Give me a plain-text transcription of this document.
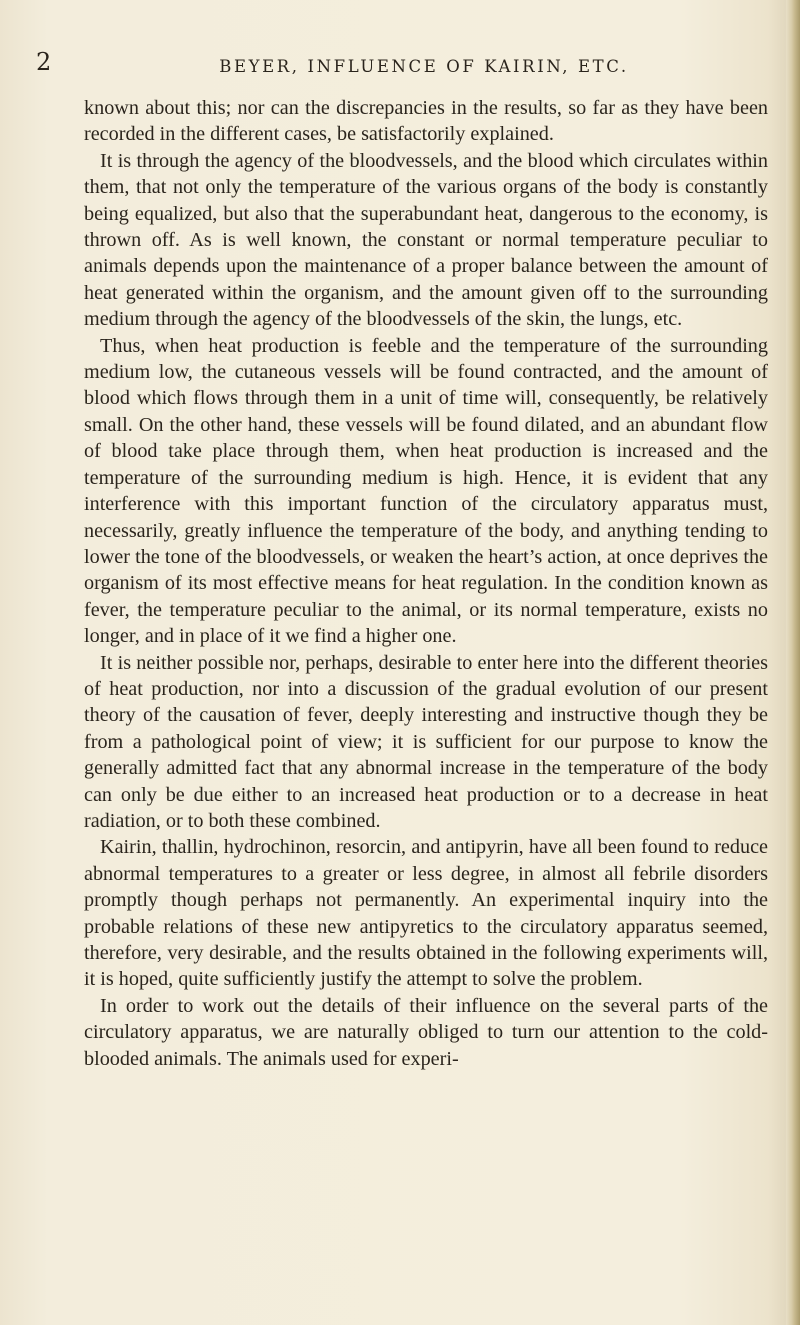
2	BEYER, INFLUENCE OF KAIRIN, ETC.

known about this; nor can the discrepancies in the results, so far as they have been recorded in the different cases, be satisfactorily explained.

It is through the agency of the bloodvessels, and the blood which circulates within them, that not only the temperature of the various organs of the body is constantly being equalized, but also that the superabundant heat, dangerous to the economy, is thrown off. As is well known, the constant or normal temperature peculiar to animals depends upon the maintenance of a proper balance between the amount of heat generated within the organism, and the amount given off to the surrounding medium through the agency of the bloodvessels of the skin, the lungs, etc.

Thus, when heat production is feeble and the temperature of the surrounding medium low, the cutaneous vessels will be found contracted, and the amount of blood which flows through them in a unit of time will, consequently, be relatively small. On the other hand, these vessels will be found dilated, and an abundant flow of blood take place through them, when heat production is increased and the temperature of the surrounding medium is high. Hence, it is evident that any interference with this important function of the circulatory apparatus must, necessarily, greatly influence the temperature of the body, and anything tending to lower the tone of the bloodvessels, or weaken the heart’s action, at once deprives the organism of its most effective means for heat regulation. In the condition known as fever, the temperature peculiar to the animal, or its normal temperature, exists no longer, and in place of it we find a higher one.

It is neither possible nor, perhaps, desirable to enter here into the different theories of heat production, nor into a discussion of the gradual evolution of our present theory of the causation of fever, deeply interesting and instructive though they be from a pathological point of view; it is sufficient for our purpose to know the generally admitted fact that any abnormal increase in the temperature of the body can only be due either to an increased heat production or to a decrease in heat radiation, or to both these combined.

Kairin, thallin, hydrochinon, resorcin, and antipyrin, have all been found to reduce abnormal temperatures to a greater or less degree, in almost all febrile disorders promptly though perhaps not permanently. An experimental inquiry into the probable relations of these new antipyretics to the circulatory apparatus seemed, therefore, very desirable, and the results obtained in the following experiments will, it is hoped, quite sufficiently justify the attempt to solve the problem.

In order to work out the details of their influence on the several parts of the circulatory apparatus, we are naturally obliged to turn our attention to the cold-blooded animals. The animals used for experi-
